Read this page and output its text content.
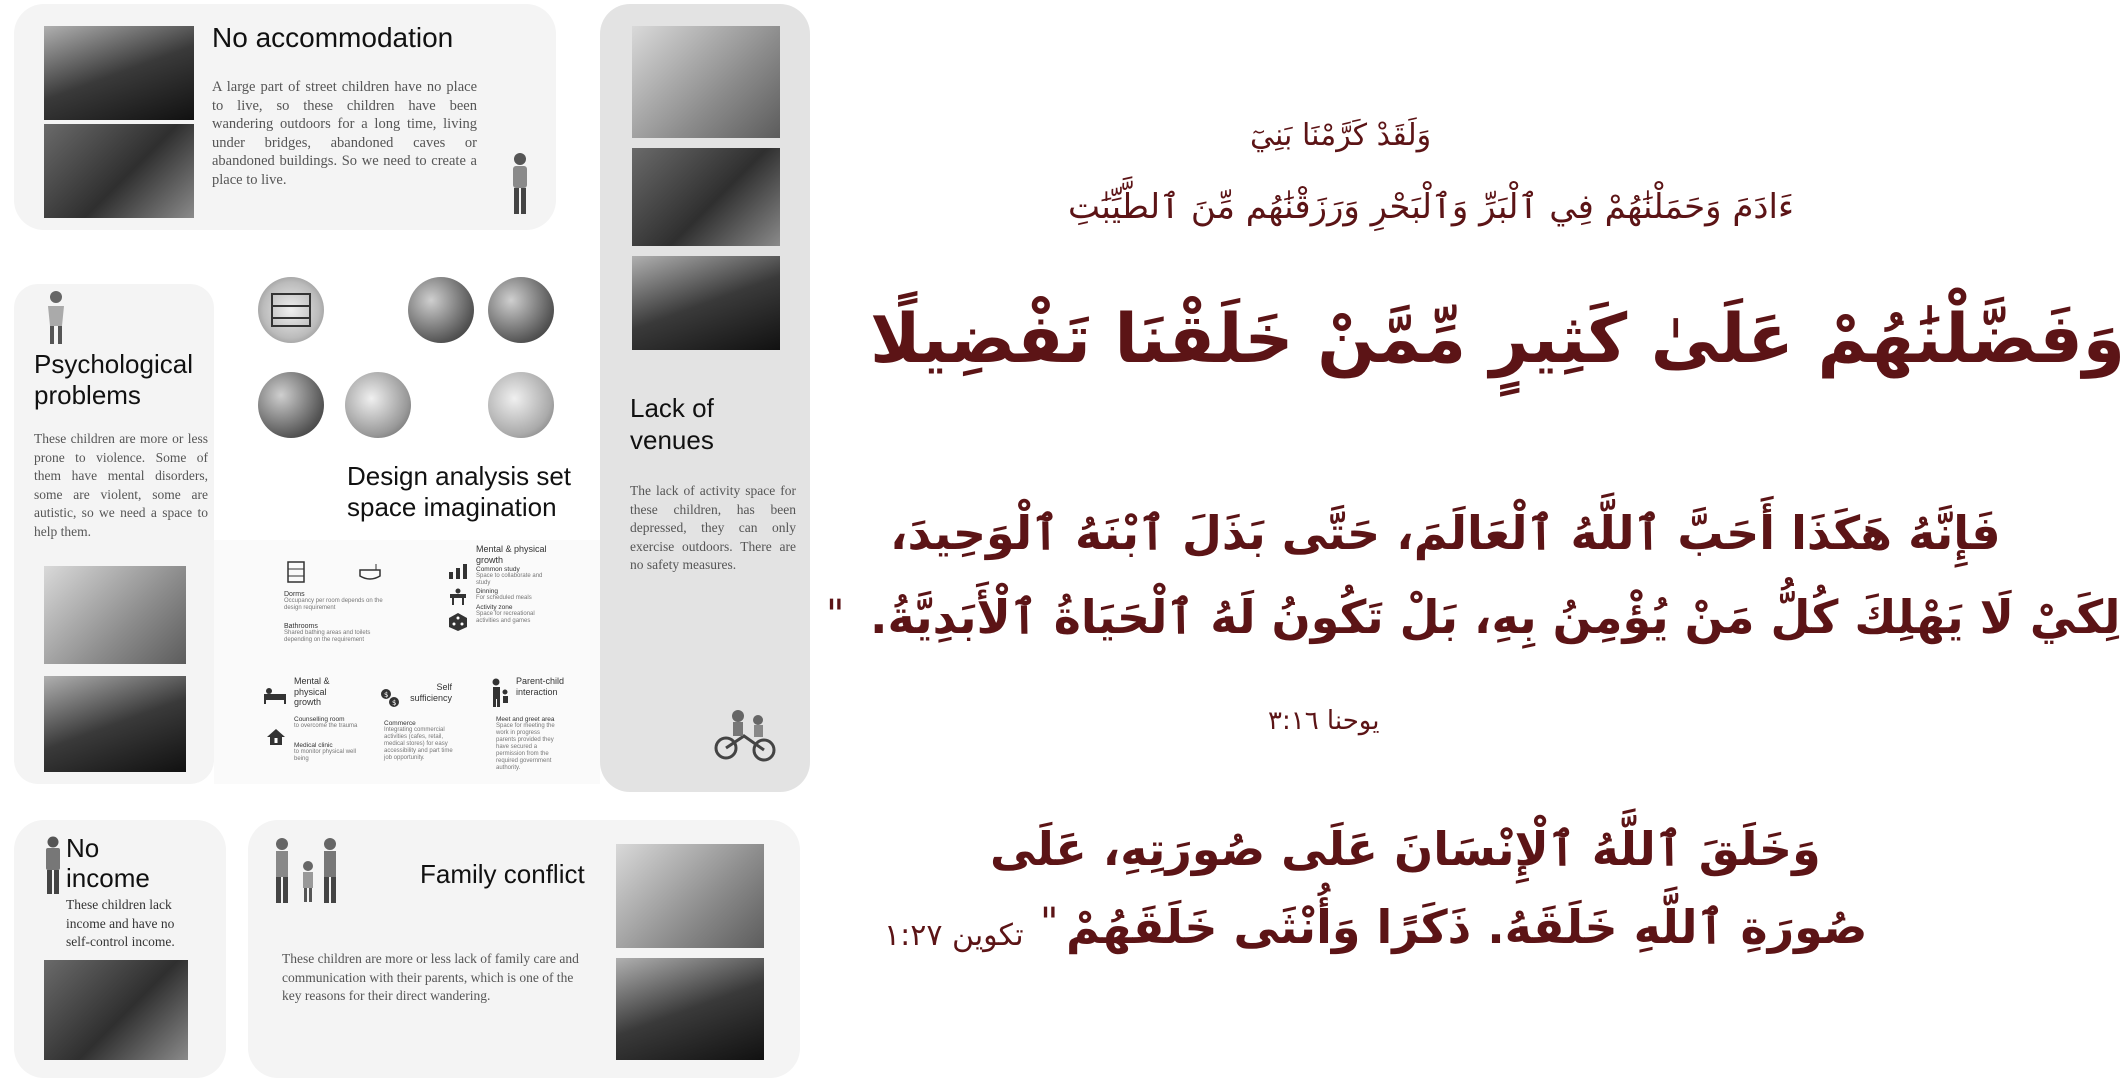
No accommodation
A large part of street children have no place to live, so these children have been wandering outdoors for a long time, living under bridges, abandoned caves or abandoned buildings. So we need to create a place to live.
Psychological
problems
These children are more or less prone to violence. Some of them have mental disorders, some are violent, some are autistic, so we need a space to help them.
Design analysis set
space imagination
Dorms
Occupancy per room depends on the design requirement
Bathrooms
Shared bathing areas and toilets depending on the requirement
Mental & physical growth
Common study
Space to collaborate and study
Dinning
For scheduled meals
Activity zone
Space for recreational activities and games
Mental & physical growth
Counselling room
to overcome the trauma
Medical clinic
to monitor physical well being
$
$
Self sufficiency
Commerce
Integrating commercial activities (cafes, retail, medical stores) for easy accessibility and part time job opportunity.
Parent-child interaction
Meet and greet area
Space for meeting the work in progress parents provided they have secured a permission from the required government authority.
Lack of
venues
The lack of activity space for these children, has been depressed, they can only exercise outdoors. There are no safety measures.
No
income
These children lack income and have no self-control income.
Family conflict
These children are more or less lack of family care and communication with their parents, which is one of the key reasons for their direct wandering.
وَلَقَدْ كَرَّمْنَا بَنِيٓ
ءَادَمَ وَحَمَلْنَٰهُمْ فِي ٱلْبَرِّ وَٱلْبَحْرِ وَرَزَقْنَٰهُم مِّنَ ٱلطَّيِّبَٰتِ
وَفَضَّلْنَٰهُمْ عَلَىٰ كَثِيرٍ مِّمَّنْ خَلَقْنَا تَفْضِيلًا
فَإِنَّهُ هَكَذَا أَحَبَّ ٱللَّهُ ٱلْعَالَمَ، حَتَّى بَذَلَ ٱبْنَهُ ٱلْوَحِيدَ،
لِكَيْ لَا يَهْلِكَ كُلُّ مَنْ يُؤْمِنُ بِهِ، بَلْ تَكُونُ لَهُ ٱلْحَيَاةُ ٱلْأَبَدِيَّةُ.
"
يوحنا ٣:١٦
وَخَلَقَ ٱللَّهُ ٱلْإِنْسَانَ عَلَى صُورَتِهِ، عَلَى
صُورَةِ ٱللَّهِ خَلَقَهُ. ذَكَرًا وَأُنْثَى خَلَقَهُمْ
"
تكوين ١:٢٧
